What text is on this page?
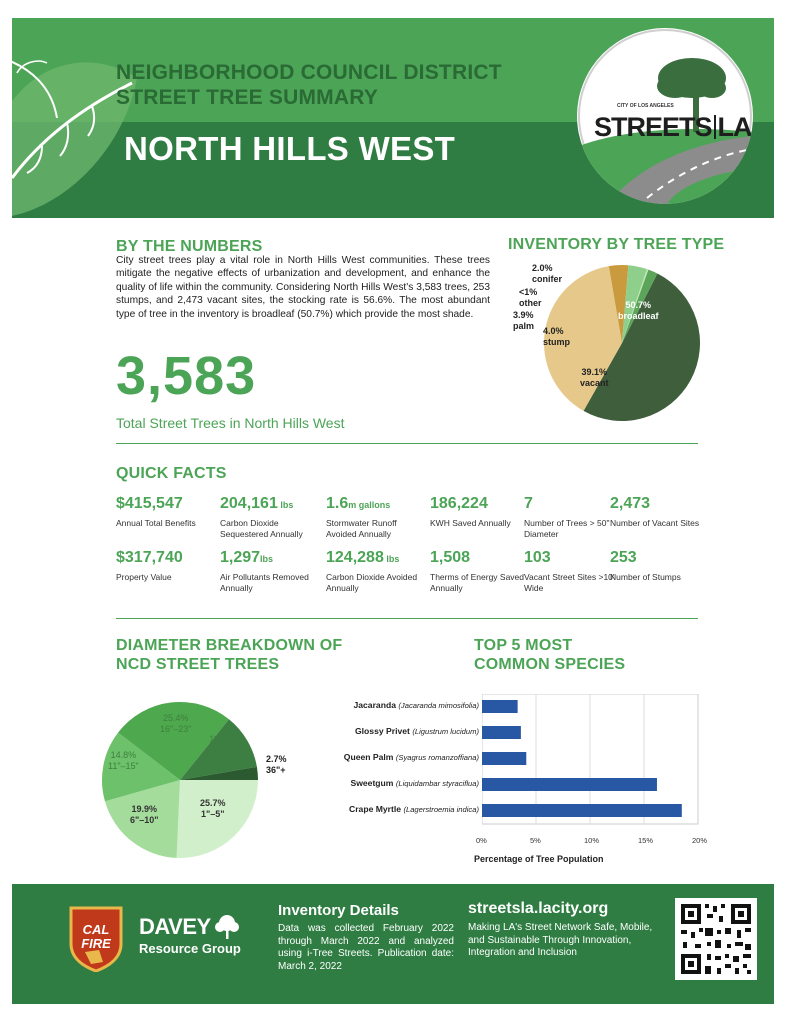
NEIGHBORHOOD COUNCIL DISTRICT
STREET TREE SUMMARY
NORTH HILLS WEST
CITY OF LOS ANGELES
STREETS LA
BY THE NUMBERS
City street trees play a vital role in North Hills West communities. These trees mitigate the negative effects of urbanization and development, and enhance the quality of life within the community. Considering North Hills West's 3,583 trees, 253 stumps, and 2,473 vacant sites, the stocking rate is 56.6%. The most abundant type of tree in the inventory is broadleaf (50.7%) which provide the most shade.
3,583
Total Street Trees in North Hills West
INVENTORY BY TREE TYPE
50.7%
broadleaf
39.1%
vacant
4.0%
stump
3.9%
palm
<1%
other
2.0%
conifer
QUICK FACTS
$415,547
Annual Total Benefits
204,161 lbs
Carbon Dioxide Sequestered Annually
1.6m gallons
Stormwater Runoff Avoided Annually
186,224
KWH Saved Annually
7
Number of Trees > 50" Diameter
2,473
Number of Vacant Sites
$317,740
Property Value
1,297lbs
Air Pollutants Removed Annually
124,288 lbs
Carbon Dioxide Avoided Annually
1,508
Therms of Energy Saved Annually
103
Vacant Street Sites >10' Wide
253
Number of Stumps
DIAMETER BREAKDOWN OF
NCD STREET TREES
25.7%
1"–5"
19.9%
6"–10"
14.8%
11"–15"
25.4%
16"–23"
11.5%
24"–35"
2.7%
36"+
TOP 5 MOST
COMMON SPECIES
Jacaranda (Jacaranda mimosifolia)
Glossy Privet (Ligustrum lucidum)
Queen Palm (Syagrus romanzoffiana)
Sweetgum (Liquidambar styraciflua)
Crape Myrtle (Lagerstroemia indica)
0%	5%	10%	15%	20%
Percentage of Tree Population
CAL
FIRE
DAVEY
Resource Group
Inventory Details
Data was collected February 2022 through March 2022 and analyzed using i-Tree Streets. Publication date: March 2, 2022
streetsla.lacity.org
Making LA's Street Network Safe, Mobile, and Sustainable Through Innovation, Integration and Inclusion
